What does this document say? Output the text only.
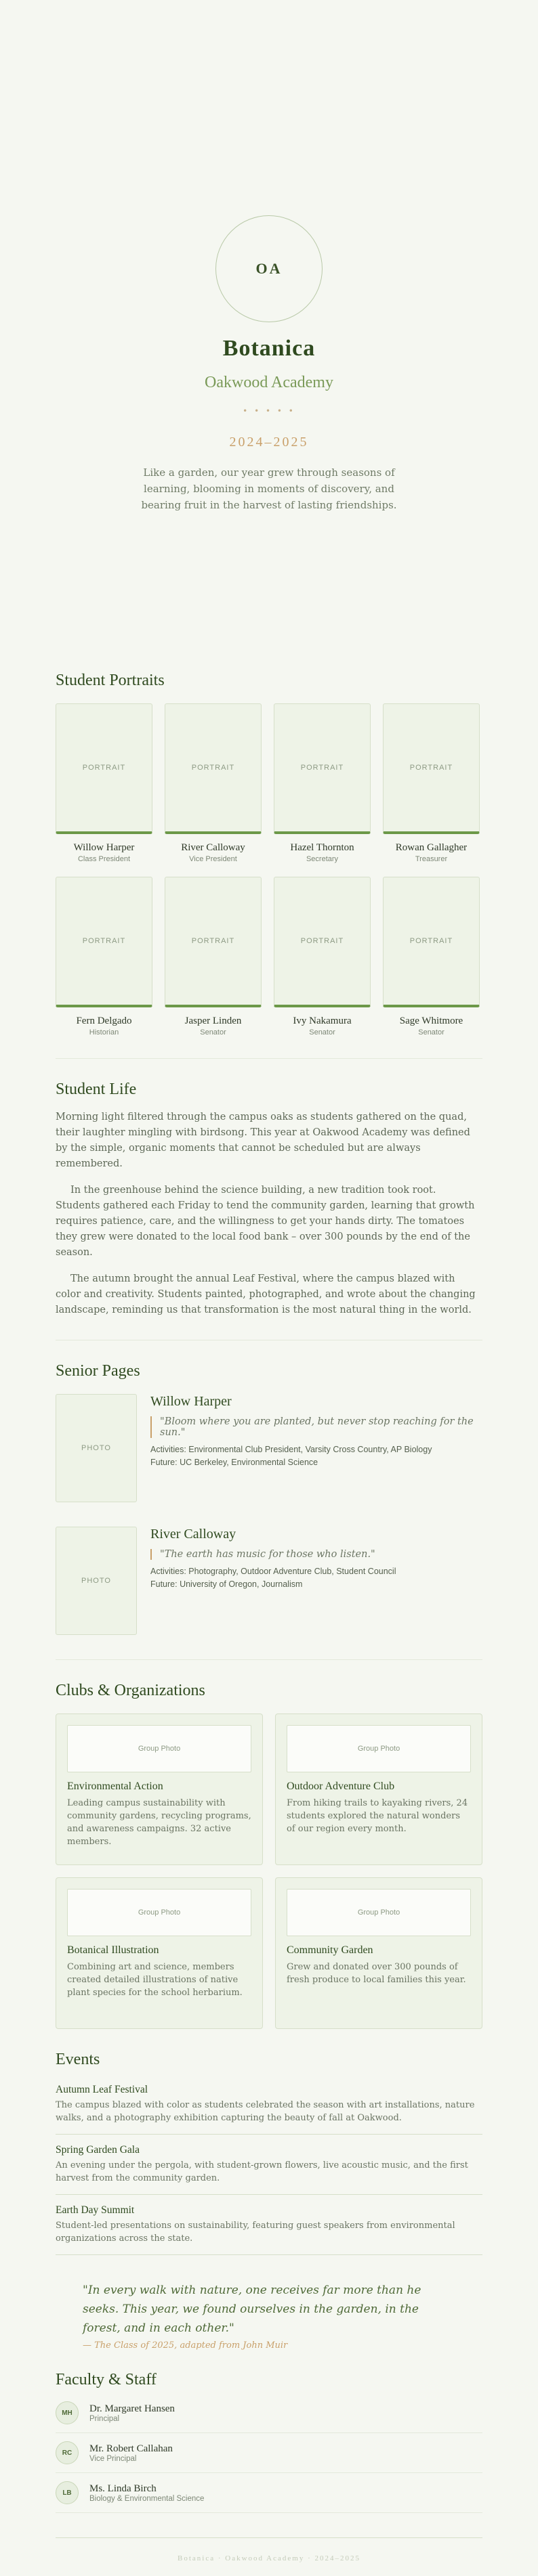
OA
Botanica
Oakwood Academy
• • • • •
2024–2025
Like a garden, our year grew through seasons of learning, blooming in moments of discovery, and bearing fruit in the harvest of lasting friendships.
Student Portraits
PORTRAIT
Willow Harper
Class President
PORTRAIT
River Calloway
Vice President
PORTRAIT
Hazel Thornton
Secretary
PORTRAIT
Rowan Gallagher
Treasurer
PORTRAIT
Fern Delgado
Historian
PORTRAIT
Jasper Linden
Senator
PORTRAIT
Ivy Nakamura
Senator
PORTRAIT
Sage Whitmore
Senator
Student Life

Morning light filtered through the campus oaks as students gathered on the quad, their laughter mingling with birdsong. This year at Oakwood Academy was defined by the simple, organic moments that cannot be scheduled but are always remembered.

In the greenhouse behind the science building, a new tradition took root. Students gathered each Friday to tend the community garden, learning that growth requires patience, care, and the willingness to get your hands dirty. The tomatoes they grew were donated to the local food bank – over 300 pounds by the end of the season.

The autumn brought the annual Leaf Festival, where the campus blazed with color and creativity. Students painted, photographed, and wrote about the changing landscape, reminding us that transformation is the most natural thing in the world.

Senior Pages
PHOTO
Willow Harper
"Bloom where you are planted, but never stop reaching for the sun."
Activities: Environmental Club President, Varsity Cross Country, AP Biology
Future: UC Berkeley, Environmental Science
PHOTO
River Calloway
"The earth has music for those who listen."
Activities: Photography, Outdoor Adventure Club, Student Council
Future: University of Oregon, Journalism
Clubs & Organizations
Group Photo
Environmental Action
Leading campus sustainability with community gardens, recycling programs, and awareness campaigns. 32 active members.
Group Photo
Outdoor Adventure Club
From hiking trails to kayaking rivers, 24 students explored the natural wonders of our region every month.
Group Photo
Botanical Illustration
Combining art and science, members created detailed illustrations of native plant species for the school herbarium.
Group Photo
Community Garden
Grew and donated over 300 pounds of fresh produce to local families this year.
Events
Autumn Leaf Festival
The campus blazed with color as students celebrated the season with art installations, nature walks, and a photography exhibition capturing the beauty of fall at Oakwood.
Spring Garden Gala
An evening under the pergola, with student-grown flowers, live acoustic music, and the first harvest from the community garden.
Earth Day Summit
Student-led presentations on sustainability, featuring guest speakers from environmental organizations across the state.
"In every walk with nature, one receives far more than he seeks. This year, we found ourselves in the garden, in the forest, and in each other."
— The Class of 2025, adapted from John Muir
Faculty & Staff
MH	Dr. Margaret Hansen
Principal
RC	Mr. Robert Callahan
Vice Principal
LB	Ms. Linda Birch
Biology & Environmental Science
Botanica · Oakwood Academy · 2024–2025
